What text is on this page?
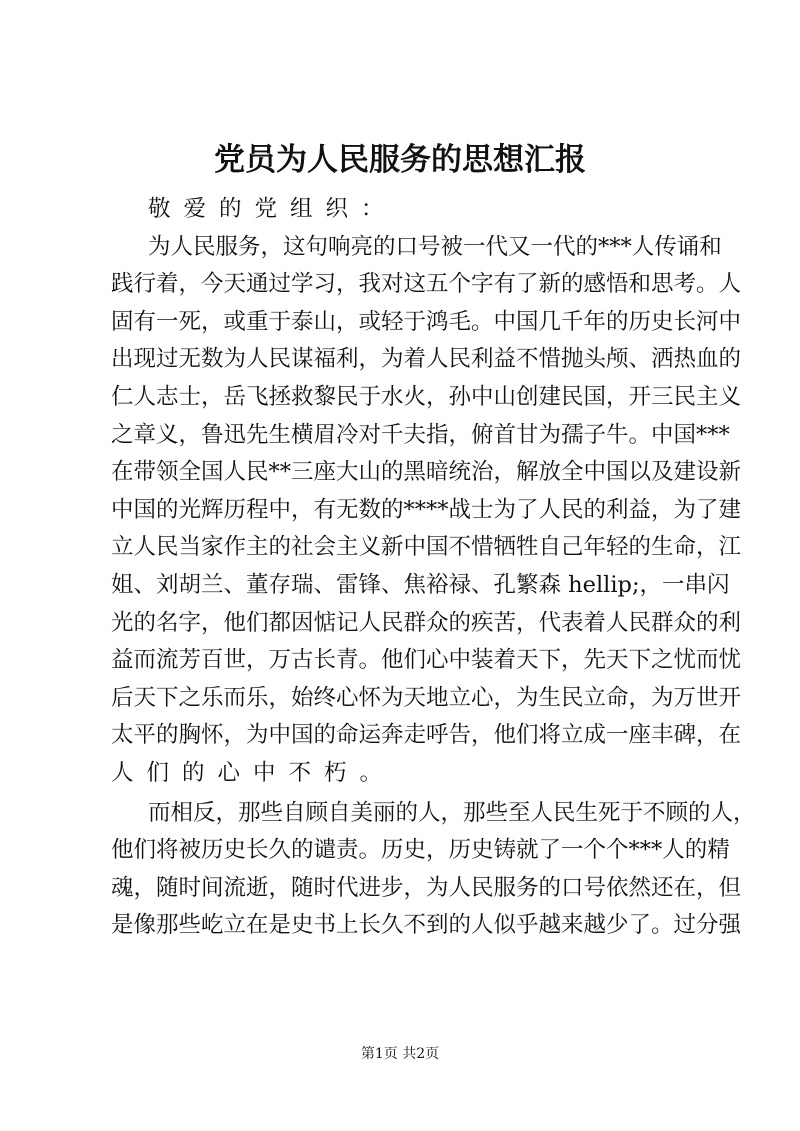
党员为人民服务的思想汇报
敬爱的党组织：
为人民服务，这句响亮的口号被一代又一代的***人传诵和
践行着，今天通过学习，我对这五个字有了新的感悟和思考。人
固有一死，或重于泰山，或轻于鸿毛。中国几千年的历史长河中
出现过无数为人民谋福利，为着人民利益不惜抛头颅、洒热血的
仁人志士，岳飞拯救黎民于水火，孙中山创建民国，开三民主义
之章义，鲁迅先生横眉冷对千夫指，俯首甘为孺子牛。中国***
在带领全国人民**三座大山的黑暗统治，解放全中国以及建设新
中国的光辉历程中，有无数的****战士为了人民的利益，为了建
立人民当家作主的社会主义新中国不惜牺牲自己年轻的生命，江
姐、刘胡兰、董存瑞、雷锋、焦裕禄、孔繁森 hellip;，一串闪
光的名字，他们都因惦记人民群众的疾苦，代表着人民群众的利
益而流芳百世，万古长青。他们心中装着天下，先天下之忧而忧
后天下之乐而乐，始终心怀为天地立心，为生民立命，为万世开
太平的胸怀，为中国的命运奔走呼告，他们将立成一座丰碑，在
人们的心中不朽。
而相反，那些自顾自美丽的人，那些至人民生死于不顾的人，
他们将被历史长久的谴责。历史，历史铸就了一个个***人的精
魂，随时间流逝，随时代进步，为人民服务的口号依然还在，但
是像那些屹立在是史书上长久不到的人似乎越来越少了。过分强
第1页 共2页
